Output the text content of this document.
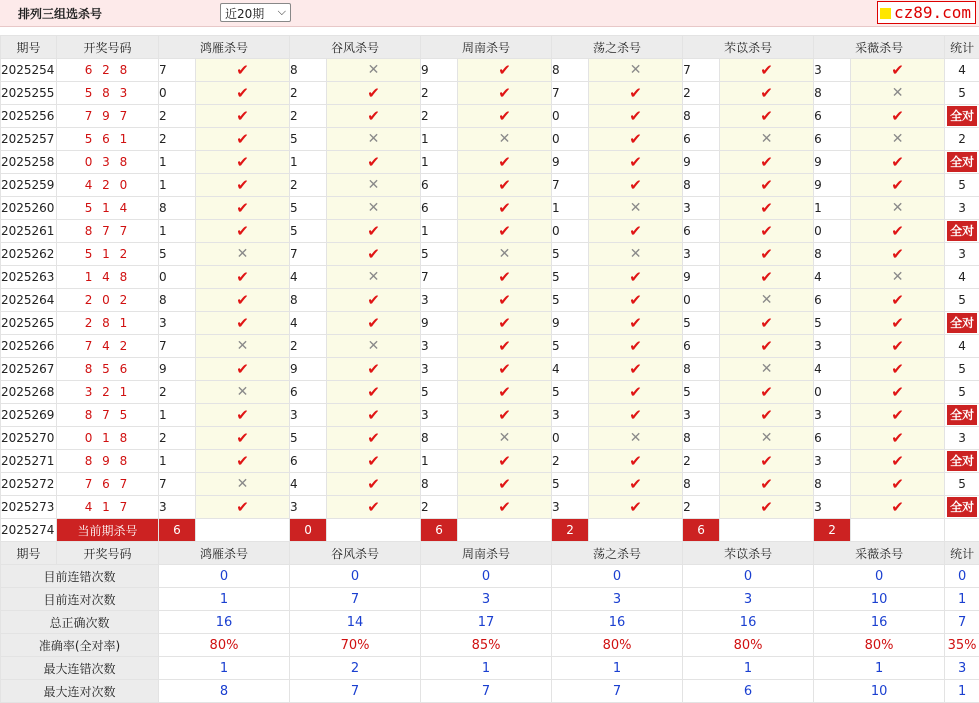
排列三组选杀号	近20期 ⌵	cz89.com
期号	开奖号码	鸿雁杀号		谷风杀号		周南杀号		荡之杀号		芣苡杀号		采薇杀号		统计
2025254	6 2 8	7	✔	8	✕	9	✔	8	✕	7	✔	3	✔	4
2025255	5 8 3	0	✔	2	✔	2	✔	7	✔	2	✔	8	✕	5
2025256	7 9 7	2	✔	2	✔	2	✔	0	✔	8	✔	6	✔	全对
2025257	5 6 1	2	✔	5	✕	1	✕	0	✔	6	✕	6	✕	2
2025258	0 3 8	1	✔	1	✔	1	✔	9	✔	9	✔	9	✔	全对
2025259	4 2 0	1	✔	2	✕	6	✔	7	✔	8	✔	9	✔	5
2025260	5 1 4	8	✔	5	✕	6	✔	1	✕	3	✔	1	✕	3
2025261	8 7 7	1	✔	5	✔	1	✔	0	✔	6	✔	0	✔	全对
2025262	5 1 2	5	✕	7	✔	5	✕	5	✕	3	✔	8	✔	3
2025263	1 4 8	0	✔	4	✕	7	✔	5	✔	9	✔	4	✕	4
2025264	2 0 2	8	✔	8	✔	3	✔	5	✔	0	✕	6	✔	5
2025265	2 8 1	3	✔	4	✔	9	✔	9	✔	5	✔	5	✔	全对
2025266	7 4 2	7	✕	2	✕	3	✔	5	✔	6	✔	3	✔	4
2025267	8 5 6	9	✔	9	✔	3	✔	4	✔	8	✕	4	✔	5
2025268	3 2 1	2	✕	6	✔	5	✔	5	✔	5	✔	0	✔	5
2025269	8 7 5	1	✔	3	✔	3	✔	3	✔	3	✔	3	✔	全对
2025270	0 1 8	2	✔	5	✔	8	✕	0	✕	8	✕	6	✔	3
2025271	8 9 8	1	✔	6	✔	1	✔	2	✔	2	✔	3	✔	全对
2025272	7 6 7	7	✕	4	✔	8	✔	5	✔	8	✔	8	✔	5
2025273	4 1 7	3	✔	3	✔	2	✔	3	✔	2	✔	3	✔	全对
2025274	当前期杀号	6		0		6		2		6		2		
期号	开奖号码	鸿雁杀号		谷风杀号		周南杀号		荡之杀号		芣苡杀号		采薇杀号		统计
目前连错次数		0		0		0		0		0		0		0
目前连对次数		1		7		3		3		3		10		1
总正确次数		16		14		17		16		16		16		7
准确率(全对率)		80%		70%		85%		80%		80%		80%		35%
最大连错次数		1		2		1		1		1		1		3
最大连对次数		8		7		7		7		6		10		1
